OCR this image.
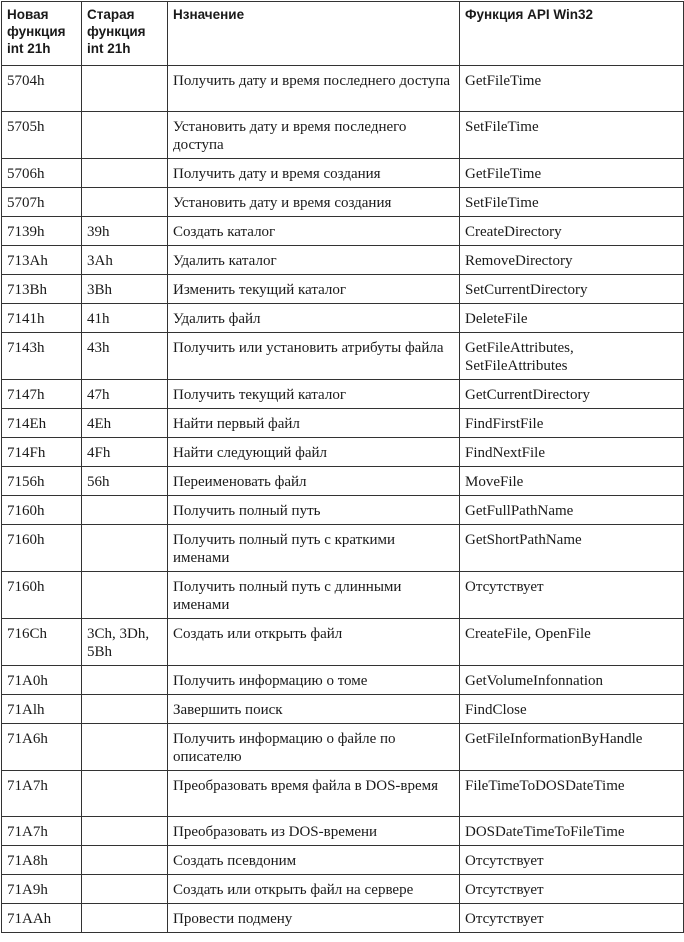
Новая функция int 21h	Старая функция int 21h	Нзначение	Функция API Win32
5704h		Получить дату и время последнего доступа	GetFileTime
5705h		Установить дату и время последнего доступа	SetFileTime
5706h		Получить дату и время создания	GetFileTime
5707h		Установить дату и время создания	SetFileTime
7139h	39h	Создать каталог	CreateDirectory
713Ah	3Ah	Удалить каталог	RemoveDirectory
713Bh	3Bh	Изменить текущий каталог	SetCurrentDirectory
7141h	41h	Удалить файл	DeleteFile
7143h	43h	Получить или установить атрибуты файла	GetFileAttributes, SetFileAttributes
7147h	47h	Получить текущий каталог	GetCurrentDirectory
714Eh	4Eh	Найти первый файл	FindFirstFile
714Fh	4Fh	Найти следующий файл	FindNextFile
7156h	56h	Переименовать файл	MoveFile
7160h		Получить полный путь	GetFullPathName
7160h		Получить полный путь с краткими именами	GetShortPathName
7160h		Получить полный путь с длинными именами	Отсутствует
716Ch	3Ch, 3Dh, 5Bh	Создать или открыть файл	CreateFile, OpenFile
71A0h		Получить информацию о томе	GetVolumeInfonnation
71Alh		Завершить поиск	FindClose
71A6h		Получить информацию о файле по описателю	GetFileInformationByHandle
71A7h		Преобразовать время файла в DOS-время	FileTimeToDOSDateTime
71A7h		Преобразовать из DOS-времени	DOSDateTimeToFileTime
71A8h		Создать псевдоним	Отсутствует
71A9h		Создать или открыть файл на сервере	Отсутствует
71AAh		Провести подмену	Отсутствует
